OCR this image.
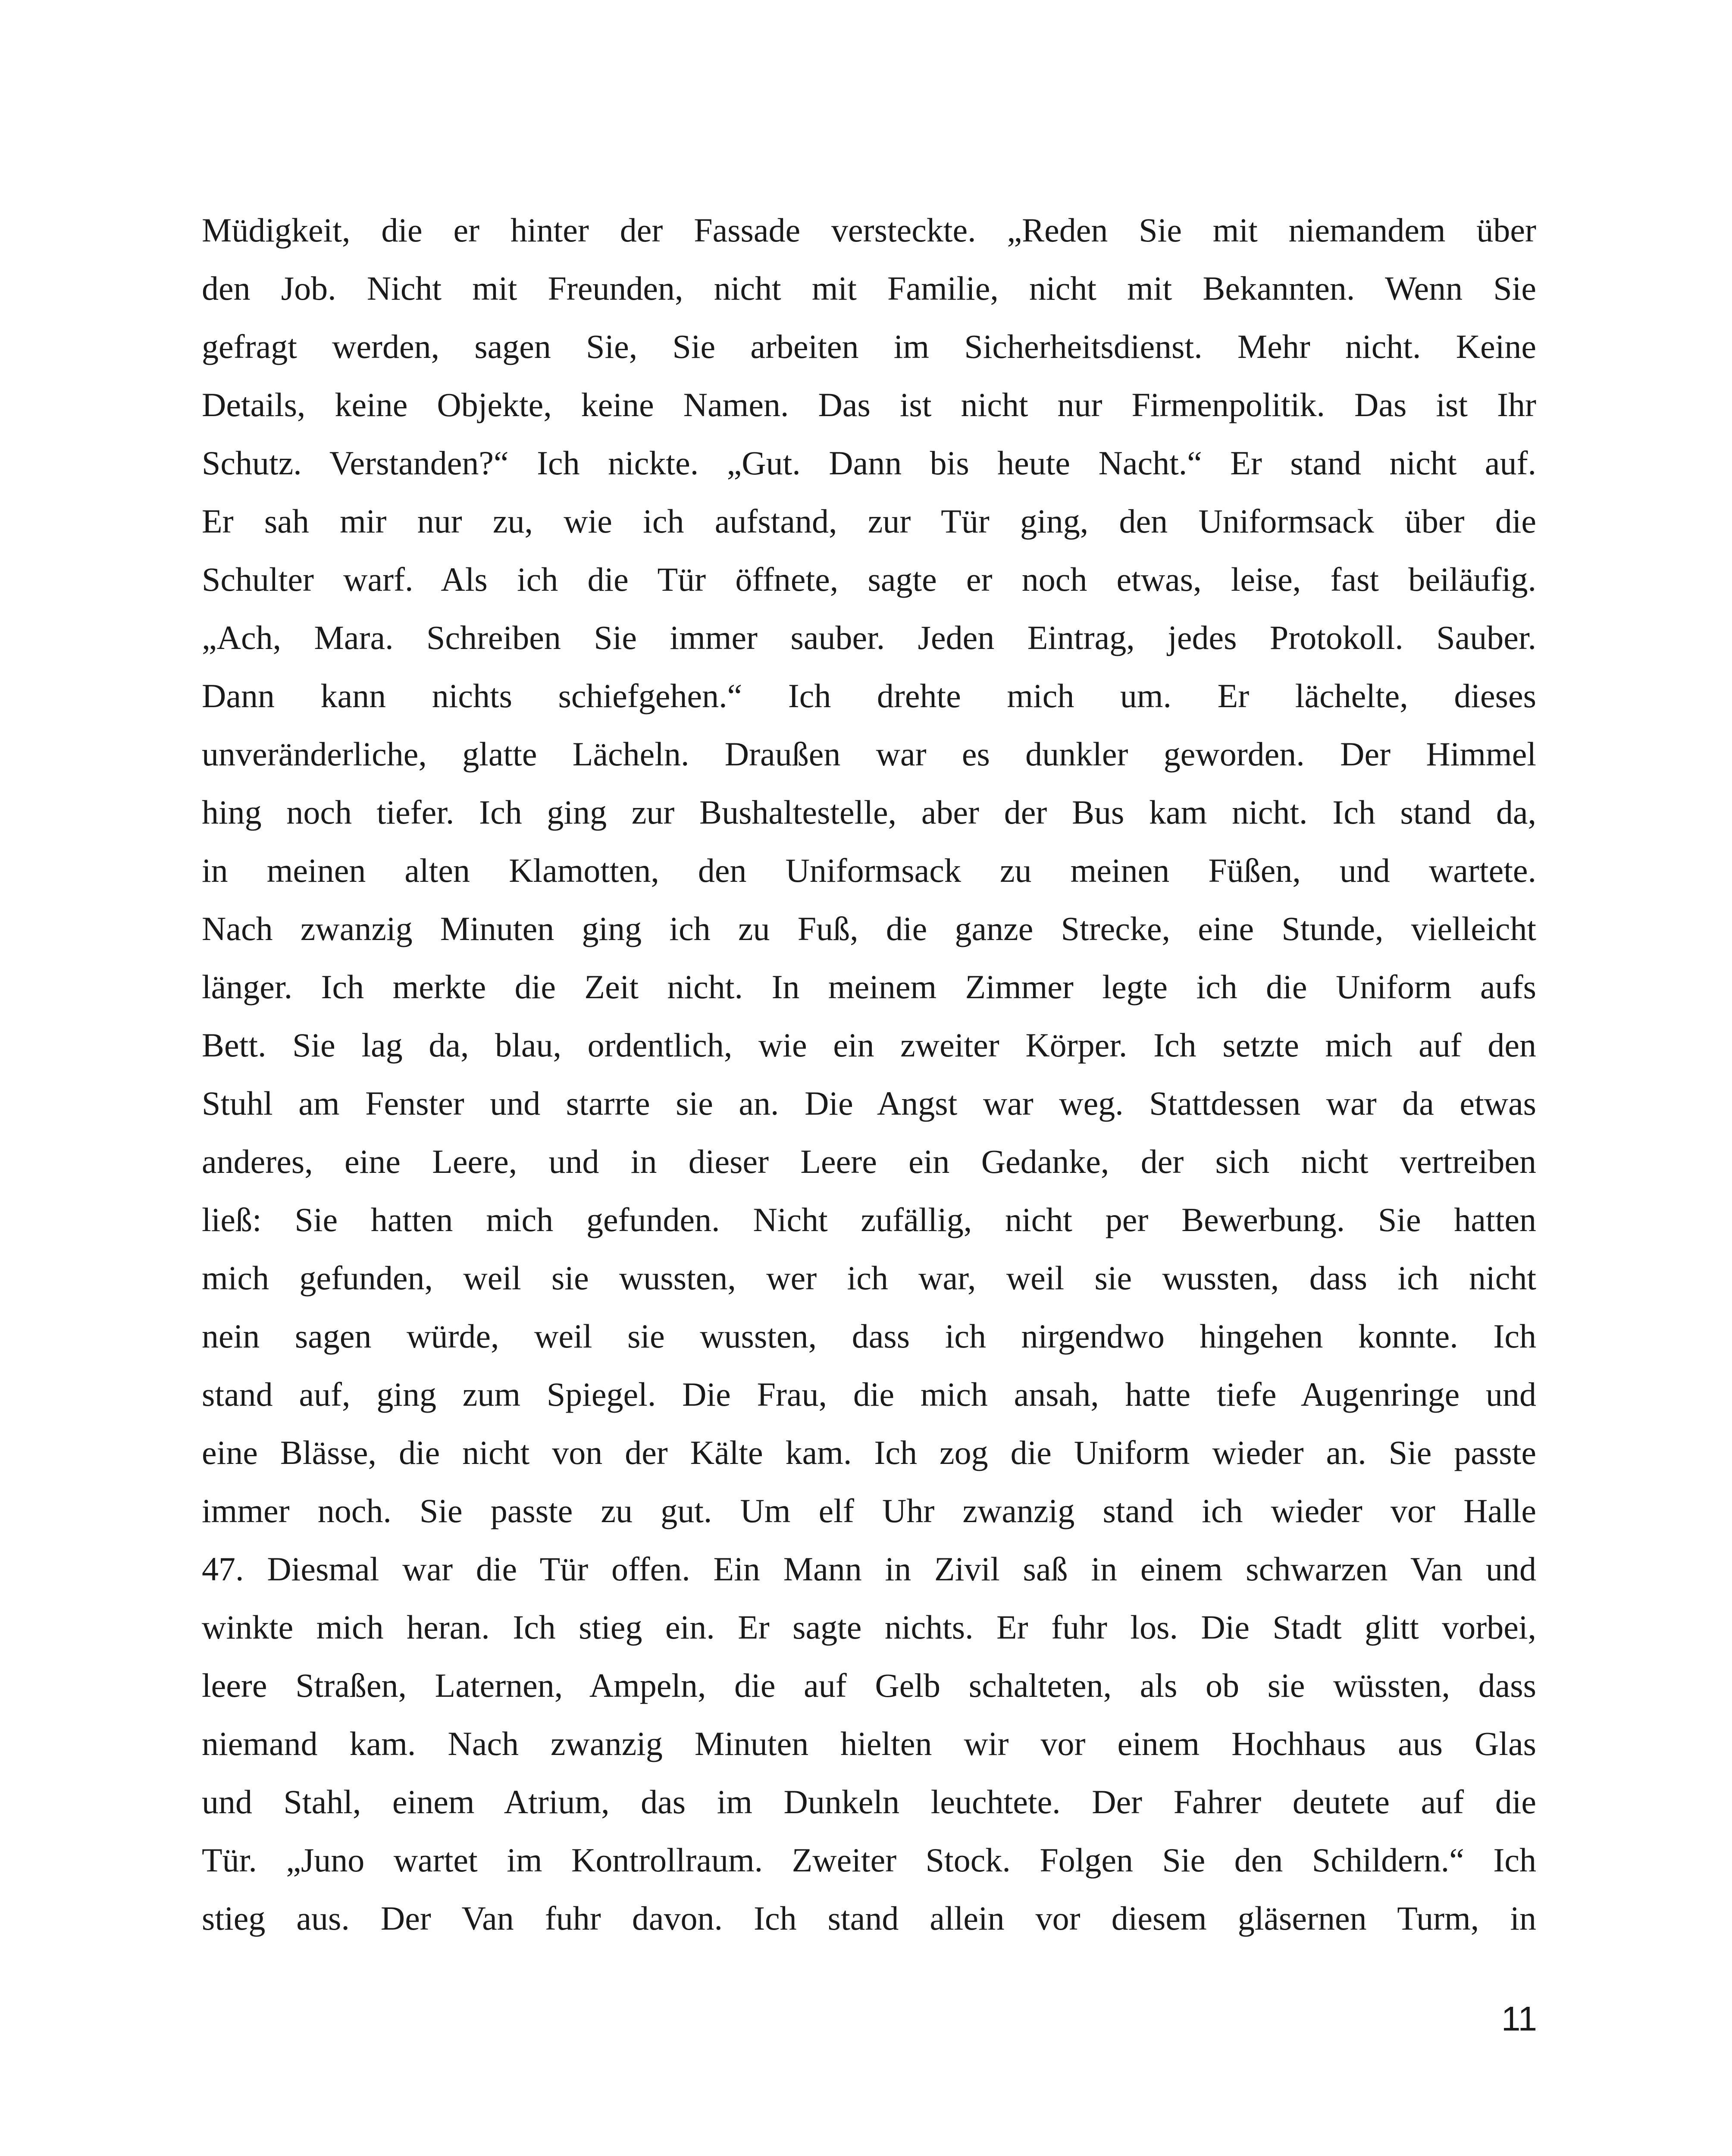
Müdigkeit, die er hinter der Fassade versteckte. „Reden Sie mit niemandem über
den Job. Nicht mit Freunden, nicht mit Familie, nicht mit Bekannten. Wenn Sie
gefragt werden, sagen Sie, Sie arbeiten im Sicherheitsdienst. Mehr nicht. Keine
Details, keine Objekte, keine Namen. Das ist nicht nur Firmenpolitik. Das ist Ihr
Schutz. Verstanden?“ Ich nickte. „Gut. Dann bis heute Nacht.“ Er stand nicht auf.
Er sah mir nur zu, wie ich aufstand, zur Tür ging, den Uniformsack über die
Schulter warf. Als ich die Tür öffnete, sagte er noch etwas, leise, fast beiläufig.
„Ach, Mara. Schreiben Sie immer sauber. Jeden Eintrag, jedes Protokoll. Sauber.
Dann kann nichts schiefgehen.“ Ich drehte mich um. Er lächelte, dieses
unveränderliche, glatte Lächeln. Draußen war es dunkler geworden. Der Himmel
hing noch tiefer. Ich ging zur Bushaltestelle, aber der Bus kam nicht. Ich stand da,
in meinen alten Klamotten, den Uniformsack zu meinen Füßen, und wartete.
Nach zwanzig Minuten ging ich zu Fuß, die ganze Strecke, eine Stunde, vielleicht
länger. Ich merkte die Zeit nicht. In meinem Zimmer legte ich die Uniform aufs
Bett. Sie lag da, blau, ordentlich, wie ein zweiter Körper. Ich setzte mich auf den
Stuhl am Fenster und starrte sie an. Die Angst war weg. Stattdessen war da etwas
anderes, eine Leere, und in dieser Leere ein Gedanke, der sich nicht vertreiben
ließ: Sie hatten mich gefunden. Nicht zufällig, nicht per Bewerbung. Sie hatten
mich gefunden, weil sie wussten, wer ich war, weil sie wussten, dass ich nicht
nein sagen würde, weil sie wussten, dass ich nirgendwo hingehen konnte. Ich
stand auf, ging zum Spiegel. Die Frau, die mich ansah, hatte tiefe Augenringe und
eine Blässe, die nicht von der Kälte kam. Ich zog die Uniform wieder an. Sie passte
immer noch. Sie passte zu gut. Um elf Uhr zwanzig stand ich wieder vor Halle
47. Diesmal war die Tür offen. Ein Mann in Zivil saß in einem schwarzen Van und
winkte mich heran. Ich stieg ein. Er sagte nichts. Er fuhr los. Die Stadt glitt vorbei,
leere Straßen, Laternen, Ampeln, die auf Gelb schalteten, als ob sie wüssten, dass
niemand kam. Nach zwanzig Minuten hielten wir vor einem Hochhaus aus Glas
und Stahl, einem Atrium, das im Dunkeln leuchtete. Der Fahrer deutete auf die
Tür. „Juno wartet im Kontrollraum. Zweiter Stock. Folgen Sie den Schildern.“ Ich
stieg aus. Der Van fuhr davon. Ich stand allein vor diesem gläsernen Turm, in
11
